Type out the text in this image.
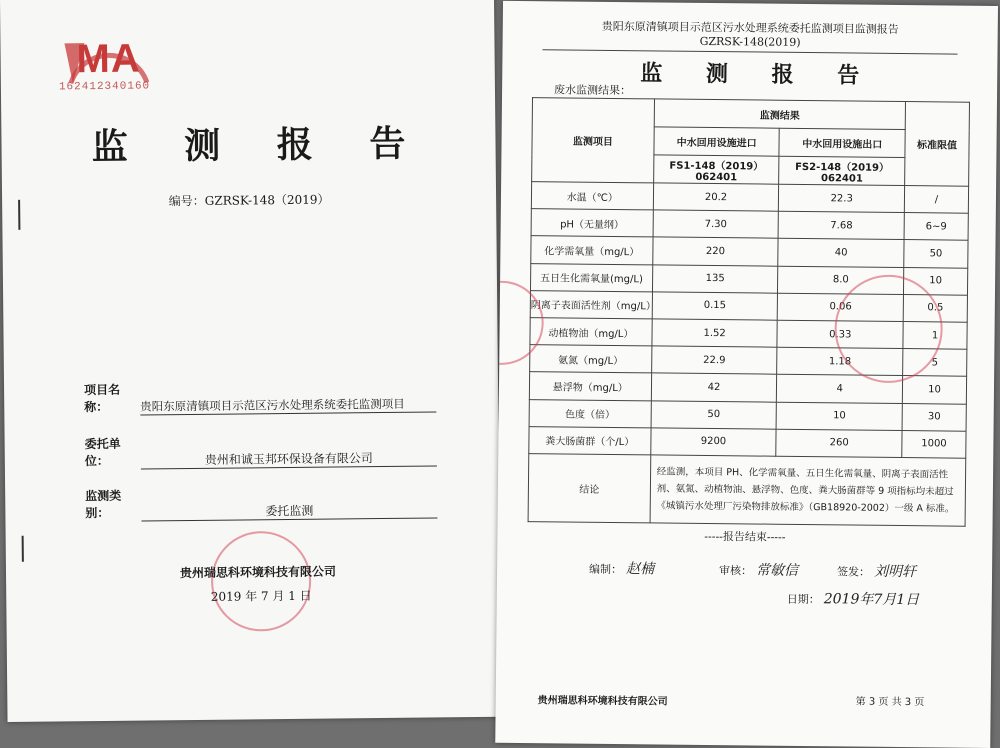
MA
162412340160
监 测 报 告
编号：GZRSK-148（2019）
项目名称：	贵阳东原清镇项目示范区污水处理系统委托监测项目
委托单位：	贵州和诚玉邦环保设备有限公司
监测类别：	委托监测
贵州瑞思科环境科技有限公司
2019 年 7 月 1 日
贵阳东原清镇项目示范区污水处理系统委托监测项目监测报告
GZRSK-148(2019)
监 测 报 告
废水监测结果：
监测项目	监测结果		标准限值
	中水回用设施进口	中水回用设施出口	
	FS1-148（2019）062401	FS2-148（2019）062401	
水温（℃）	20.2	22.3	/
pH（无量纲）	7.30	7.68	6~9
化学需氧量（mg/L）	220	40	50
五日生化需氧量(mg/L)	135	8.0	10
阴离子表面活性剂（mg/L）	0.15	0.06	0.5
动植物油（mg/L）	1.52	0.33	1
氨氮（mg/L）	22.9	1.18	5
悬浮物（mg/L）	42	4	10
色度（倍）	50	10	30
粪大肠菌群（个/L）	9200	260	1000
结论	经监测，本项目 PH、化学需氧量、五日生化需氧量、阴离子表面活性剂、氨氮、动植物油、悬浮物、色度、粪大肠菌群等 9 项指标均未超过《城镇污水处理厂污染物排放标准》（GB18920-2002）一级 A 标准。		
-----报告结束-----
编制： 赵楠	审核： 常敏信	签发： 刘明轩
日期： 2019年7月1日
贵州瑞思科环境科技有限公司	第 3 页 共 3 页
